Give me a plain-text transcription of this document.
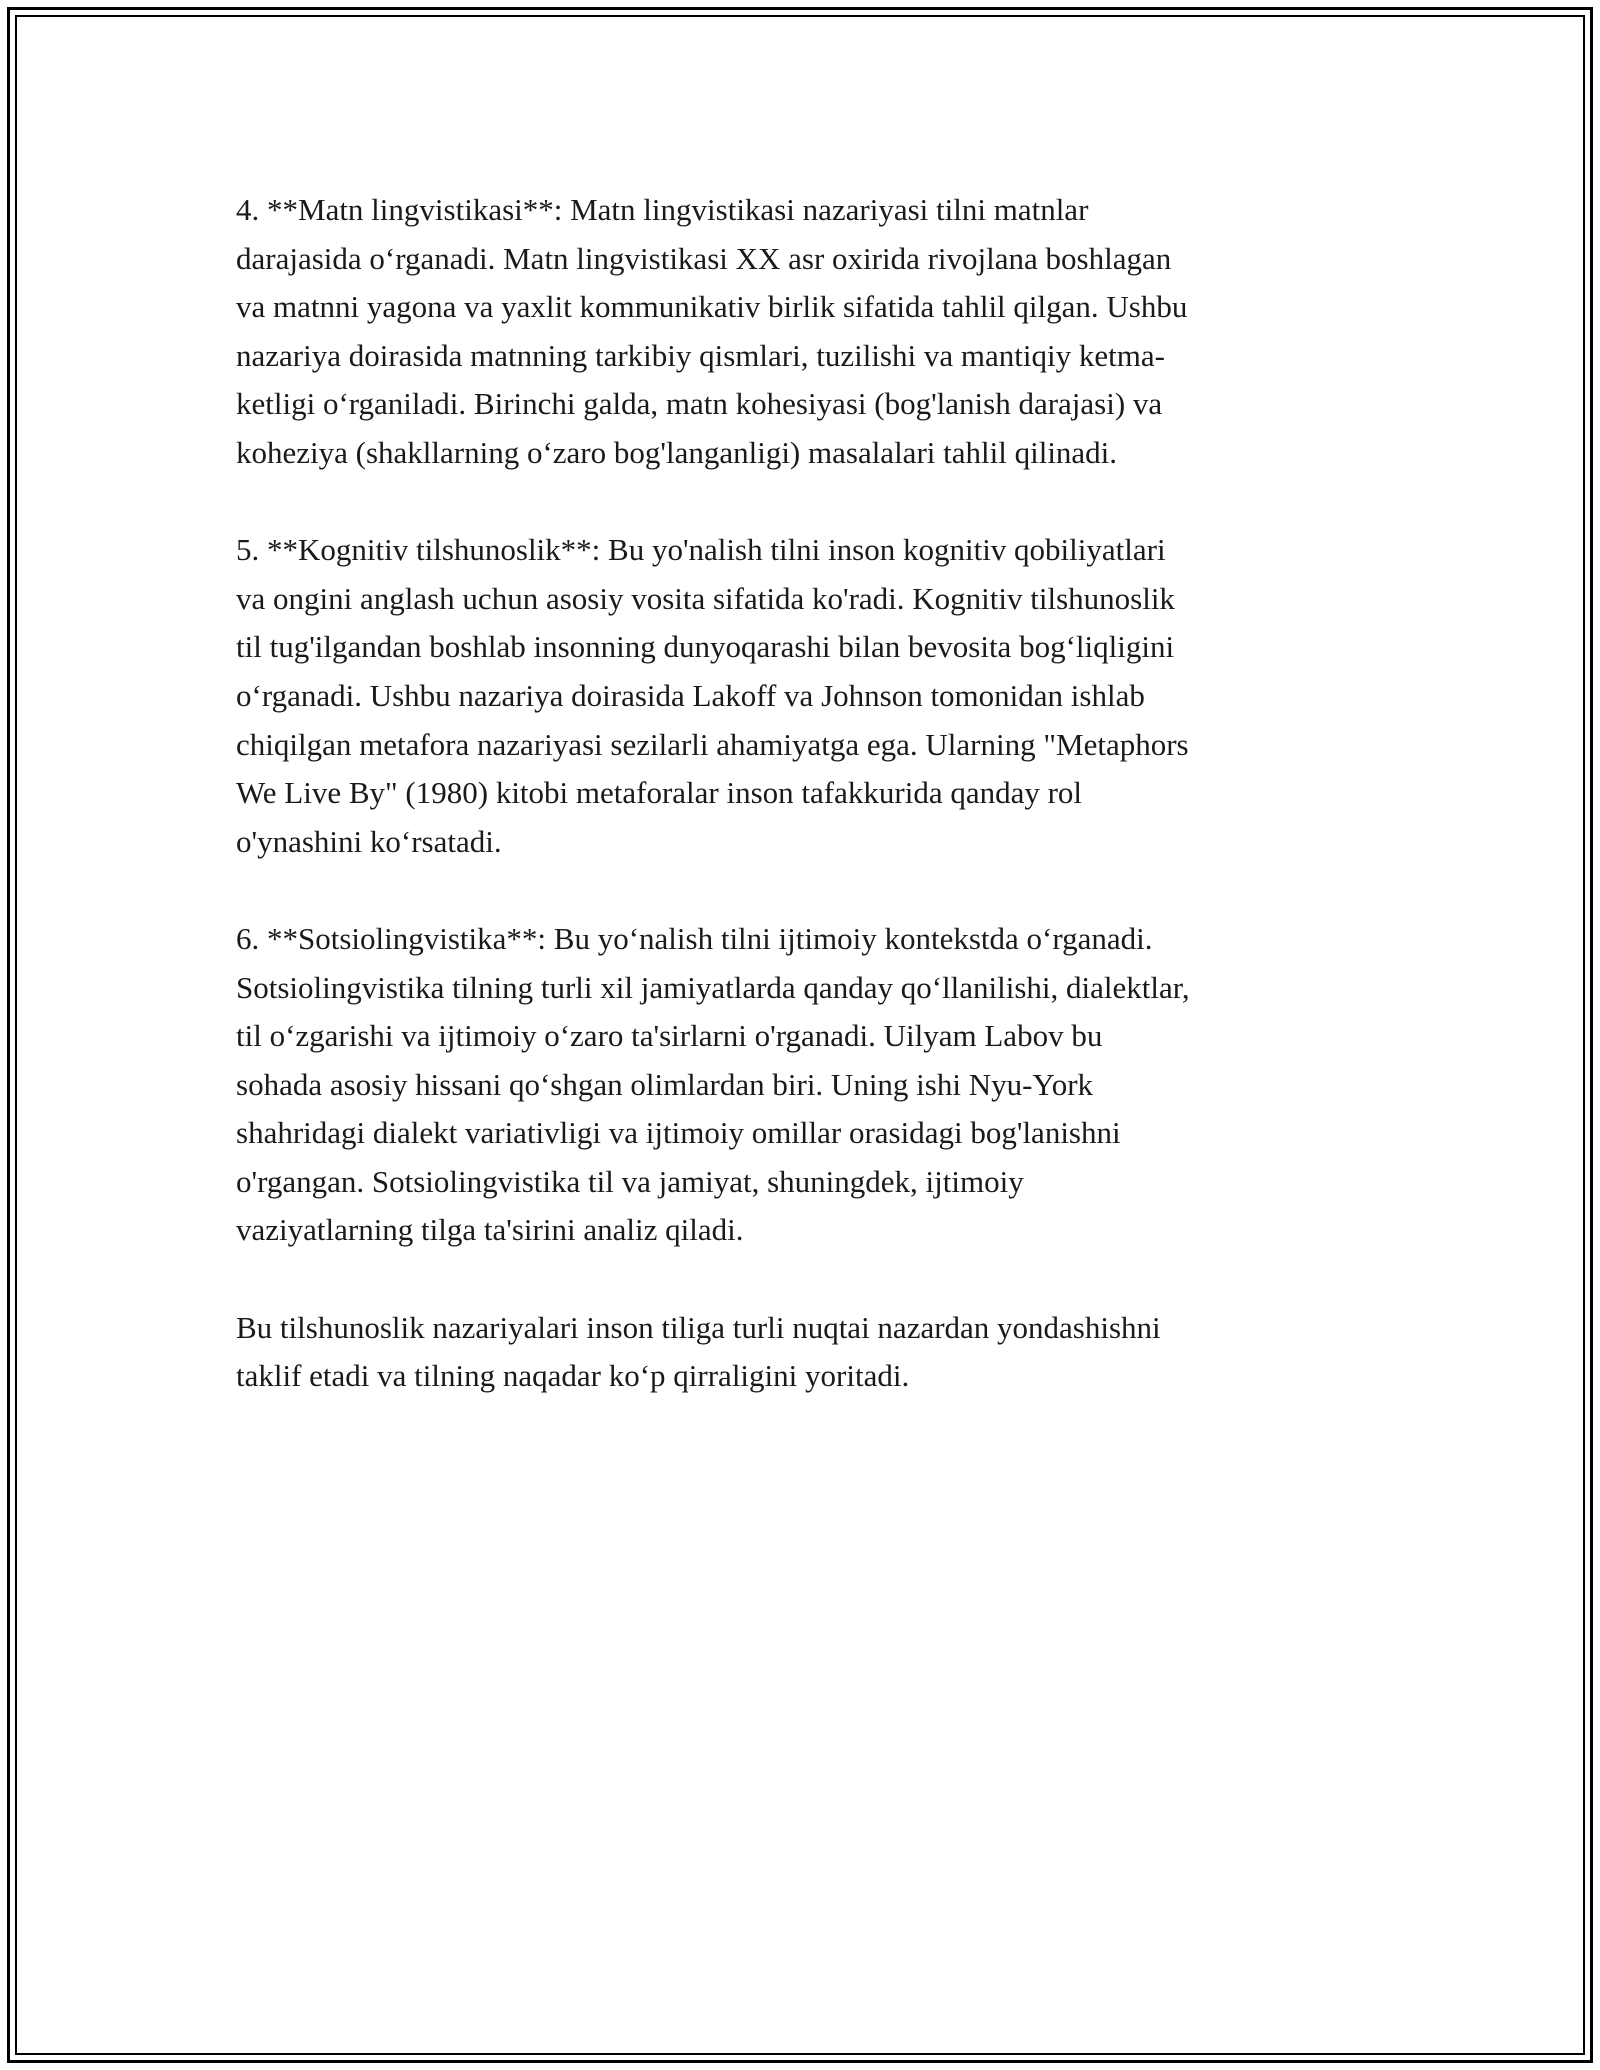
4. **Matn lingvistikasi**: Matn lingvistikasi nazariyasi tilni matnlar
darajasida o‘rganadi. Matn lingvistikasi XX asr oxirida rivojlana boshlagan
va matnni yagona va yaxlit kommunikativ birlik sifatida tahlil qilgan. Ushbu
nazariya doirasida matnning tarkibiy qismlari, tuzilishi va mantiqiy ketma-
ketligi o‘rganiladi. Birinchi galda, matn kohesiyasi (bog'lanish darajasi) va
koheziya (shakllarning o‘zaro bog'langanligi) masalalari tahlil qilinadi.

5. **Kognitiv tilshunoslik**: Bu yo'nalish tilni inson kognitiv qobiliyatlari
va ongini anglash uchun asosiy vosita sifatida ko'radi. Kognitiv tilshunoslik
til tug'ilgandan boshlab insonning dunyoqarashi bilan bevosita bog‘liqligini
o‘rganadi. Ushbu nazariya doirasida Lakoff va Johnson tomonidan ishlab
chiqilgan metafora nazariyasi sezilarli ahamiyatga ega. Ularning "Metaphors
We Live By" (1980) kitobi metaforalar inson tafakkurida qanday rol
o'ynashini ko‘rsatadi.

6. **Sotsiolingvistika**: Bu yo‘nalish tilni ijtimoiy kontekstda o‘rganadi.
Sotsiolingvistika tilning turli xil jamiyatlarda qanday qo‘llanilishi, dialektlar,
til o‘zgarishi va ijtimoiy o‘zaro ta'sirlarni o'rganadi. Uilyam Labov bu
sohada asosiy hissani qo‘shgan olimlardan biri. Uning ishi Nyu-York
shahridagi dialekt variativligi va ijtimoiy omillar orasidagi bog'lanishni
o'rgangan. Sotsiolingvistika til va jamiyat, shuningdek, ijtimoiy
vaziyatlarning tilga ta'sirini analiz qiladi.

Bu tilshunoslik nazariyalari inson tiliga turli nuqtai nazardan yondashishni
taklif etadi va tilning naqadar ko‘p qirraligini yoritadi.
